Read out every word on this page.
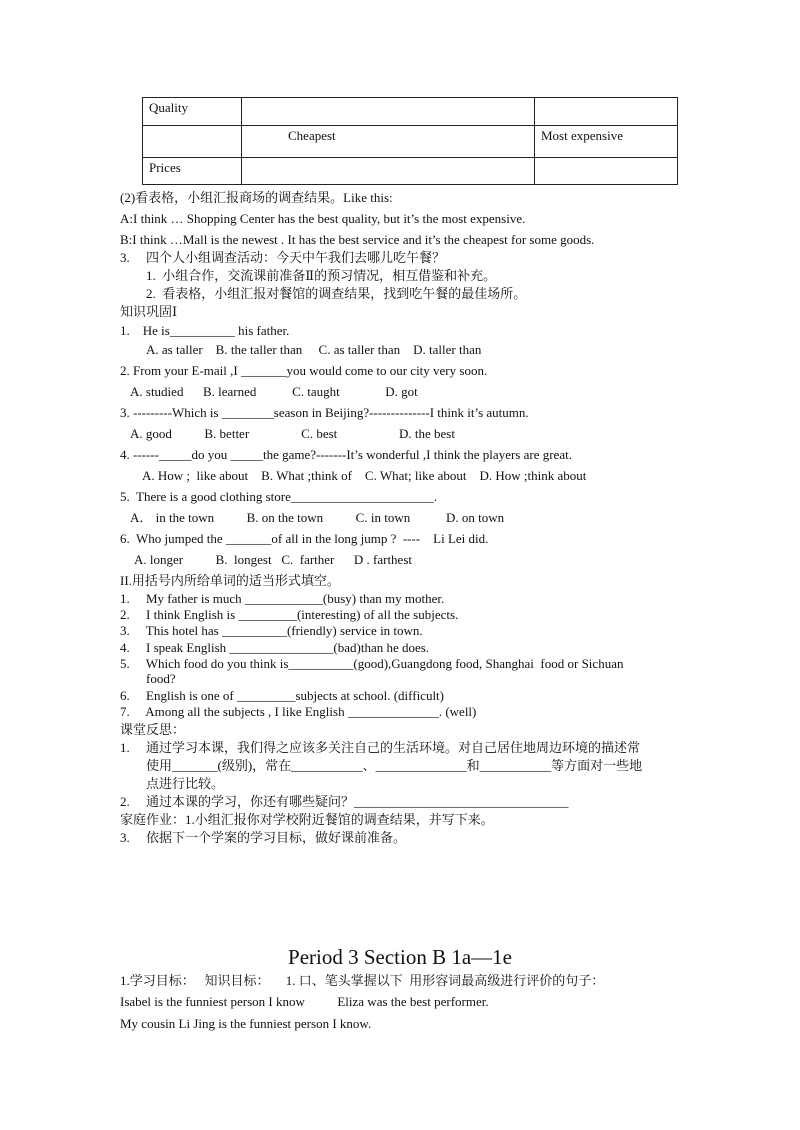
Quality		
	Cheapest	Most expensive
Prices		
(2)看表格，小组汇报商场的调查结果。Like this:
A:I think … Shopping Center has the best quality, but it’s the most expensive.
B:I think …Mall is the newest . It has the best service and it’s the cheapest for some goods.
3.     四个人小组调查活动：今天中午我们去哪儿吃午餐？
1.  小组合作，交流课前准备Ⅱ的预习情况，相互借鉴和补充。
2.  看表格，小组汇报对餐馆的调查结果，找到吃午餐的最佳场所。
知识巩固Ⅰ
1.    He is__________ his father.
A. as taller    B. the taller than     C. as taller than    D. taller than
2. From your E-mail ,I _______you would come to our city very soon.
A. studied      B. learned           C. taught              D. got
3. ---------Which is ________season in Beijing?--------------I think it’s autumn.
A. good          B. better                C. best                   D. the best
4. ------_____do you _____the game?-------It’s wonderful ,I think the players are great.
A. How ;  like about    B. What ;think of    C. What; like about    D. How ;think about
5.  There is a good clothing store______________________.
A． in the town          B. on the town          C. in town           D. on town
6.  Who jumped the _______of all in the long jump ?  ----    Li Lei did.
A. longer          B.  longest   C.  farther      D . farthest
II.用括号内所给单词的适当形式填空。
1.     My father is much ____________(busy) than my mother.
2.     I think English is _________(interesting) of all the subjects.
3.     This hotel has __________(friendly) service in town.
4.     I speak English ________________(bad)than he does.
5.     Which food do you think is__________(good),Guangdong food, Shanghai  food or Sichuan
food?
6.     English is one of _________subjects at school. (difficult)
7.     Among all the subjects , I like English ______________. (well)
课堂反思：
1.     通过学习本课，我们得之应该多关注自己的生活环境。对自己居住地周边环境的描述常
使用_______(级别)，常在___________、______________和___________等方面对一些地
点进行比较。
2.     通过本课的学习，你还有哪些疑问？_________________________________
家庭作业：1.小组汇报你对学校附近餐馆的调查结果，并写下来。
3.     依据下一个学案的学习目标，做好课前准备。
1.学习目标：   知识目标：     1. 口、笔头掌握以下  用形容词最高级进行评价的句子：
Isabel is the funniest person I know          Eliza was the best performer.
My cousin Li Jing is the funniest person I know.
Period 3 Section B 1a—1e
